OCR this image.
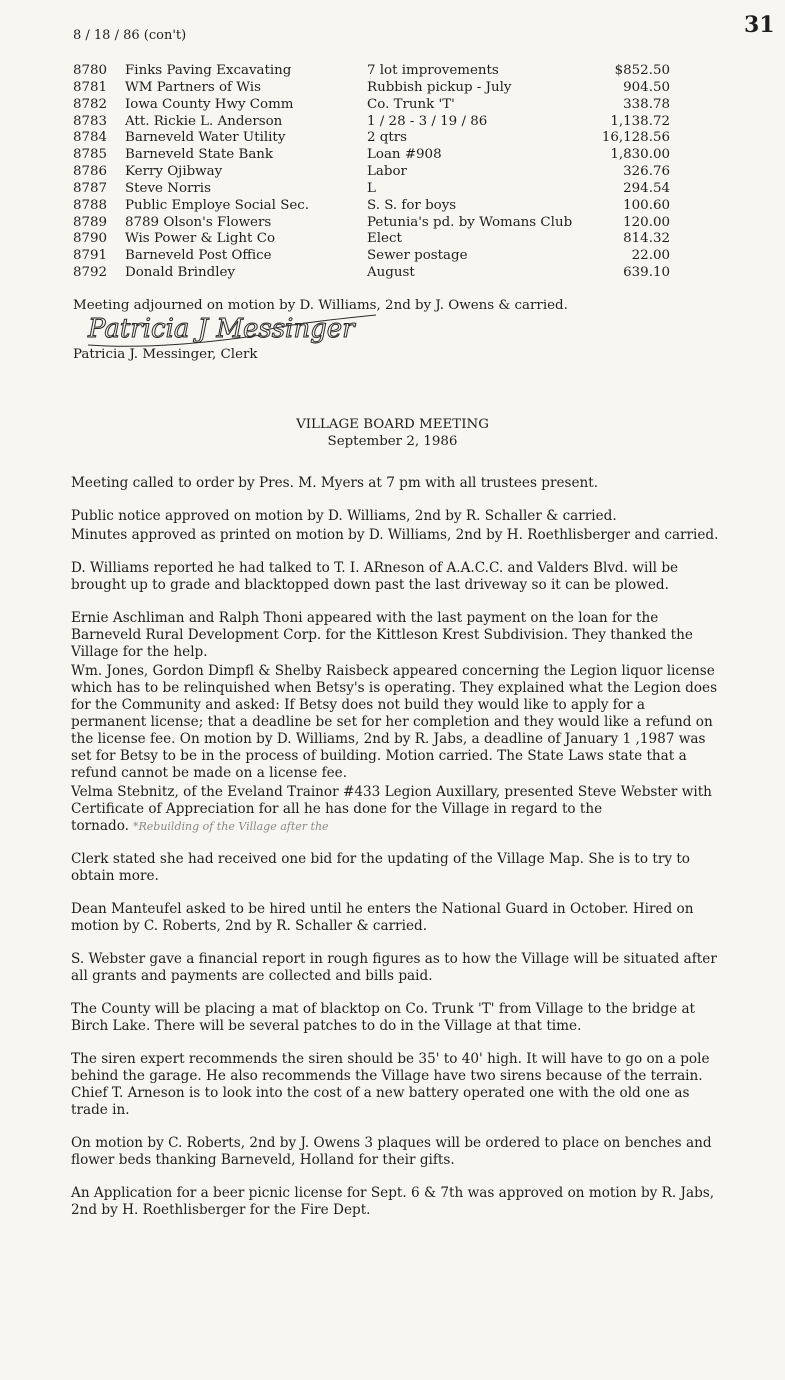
31
8 / 18 / 86 (con't)
8780 Finks Paving Excavating	7 lot improvements	$852.50
8781 WM Partners of Wis	Rubbish pickup - July	904.50
8782 Iowa County Hwy Comm	Co. Trunk 'T'	338.78
8783 Att. Rickie L. Anderson	1 / 28 - 3 / 19 / 86	1,138.72
8784 Barneveld Water Utility	2 qtrs	16,128.56
8785 Barneveld State Bank	Loan #908	1,830.00
8786 Kerry Ojibway	Labor	326.76
8787 Steve Norris	L	294.54
8788 Public Employe Social Sec.	S. S. for boys	100.60
8789 8789 Olson's Flowers	Petunia's pd. by Womans Club	120.00
8790 Wis Power & Light Co	Elect	814.32
8791 Barneveld Post Office	Sewer postage	22.00
8792 Donald Brindley	August	639.10
Meeting adjourned on motion by D. Williams, 2nd by J. Owens & carried.
Patricia J Messinger
Patricia J. Messinger, Clerk
VILLAGE BOARD MEETING
September 2, 1986

Meeting called to order by Pres. M. Myers at 7 pm with all trustees present.

Public notice approved on motion by D. Williams, 2nd by R. Schaller & carried.

Minutes approved as printed on motion by D. Williams, 2nd by H. Roethlisberger and carried.

D. Williams reported he had talked to T. I. ARneson of A.A.C.C. and Valders Blvd. will be brought up to grade and blacktopped down past the last driveway so it can be plowed.

Ernie Aschliman and Ralph Thoni appeared with the last payment on the loan for the Barneveld Rural Development Corp. for the Kittleson Krest Subdivision. They thanked the Village for the help.

Wm. Jones, Gordon Dimpfl & Shelby Raisbeck appeared concerning the Legion liquor license which has to be relinquished when Betsy's is operating. They explained what the Legion does for the Community and asked: If Betsy does not build they would like to apply for a permanent license; that a deadline be set for her completion and they would like a refund on the license fee. On motion by D. Williams, 2nd by R. Jabs, a deadline of January 1 ,1987 was set for Betsy to be in the process of building. Motion carried. The State Laws state that a refund cannot be made on a license fee.

Velma Stebnitz, of the Eveland Trainor #433 Legion Auxillary, presented Steve Webster with Certificate of Appreciation for all he has done for the Village in regard to the tornado. *Rebuilding of the Village after the

Clerk stated she had received one bid for the updating of the Village Map. She is to try to obtain more.

Dean Manteufel asked to be hired until he enters the National Guard in October. Hired on motion by C. Roberts, 2nd by R. Schaller & carried.

S. Webster gave a financial report in rough figures as to how the Village will be situated after all grants and payments are collected and bills paid.

The County will be placing a mat of blacktop on Co. Trunk 'T' from Village to the bridge at Birch Lake. There will be several patches to do in the Village at that time.

The siren expert recommends the siren should be 35' to 40' high. It will have to go on a pole behind the garage. He also recommends the Village have two sirens because of the terrain. Chief T. Arneson is to look into the cost of a new battery operated one with the old one as trade in.

On motion by C. Roberts, 2nd by J. Owens 3 plaques will be ordered to place on benches and flower beds thanking Barneveld, Holland for their gifts.

An Application for a beer picnic license for Sept. 6 & 7th was approved on motion by R. Jabs, 2nd by H. Roethlisberger for the Fire Dept.
